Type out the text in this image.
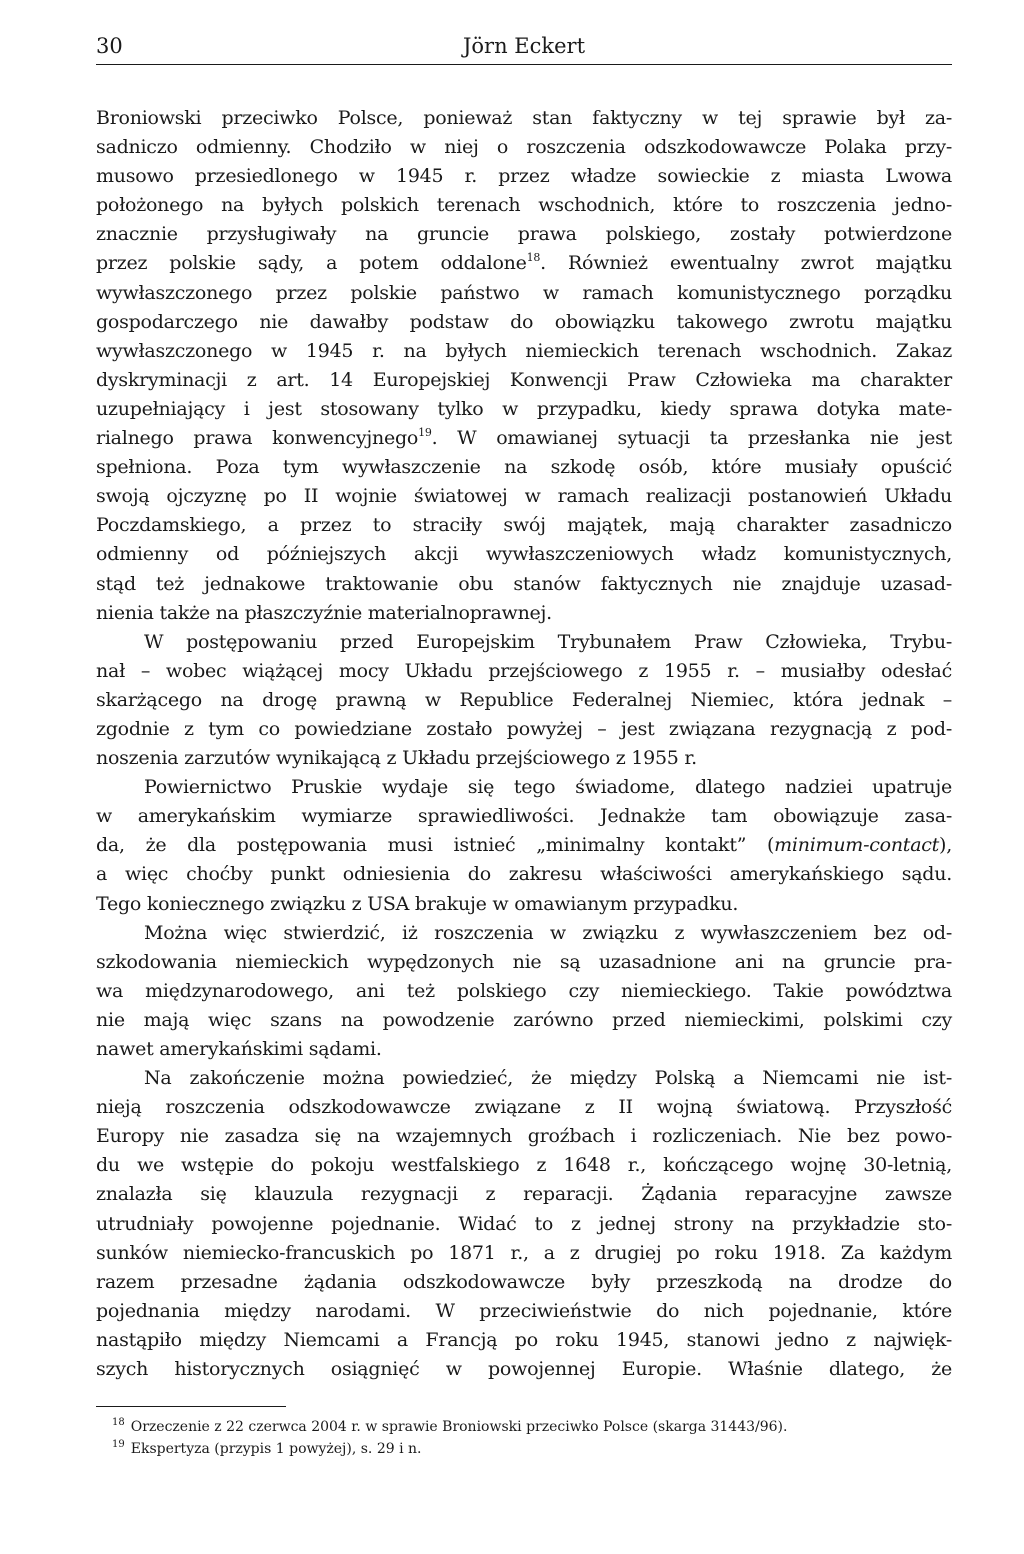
30	Jörn Eckert
Broniowski przeciwko Polsce, ponieważ stan faktyczny w tej sprawie był za-
sadniczo odmienny. Chodziło w niej o roszczenia odszkodowawcze Polaka przy-
musowo przesiedlonego w 1945 r. przez władze sowieckie z miasta Lwowa
położonego na byłych polskich terenach wschodnich, które to roszczenia jedno-
znacznie przysługiwały na gruncie prawa polskiego, zostały potwierdzone
przez polskie sądy, a potem oddalone$^{18}$. Również ewentualny zwrot majątku
wywłaszczonego przez polskie państwo w ramach komunistycznego porządku
gospodarczego nie dawałby podstaw do obowiązku takowego zwrotu majątku
wywłaszczonego w 1945 r. na byłych niemieckich terenach wschodnich. Zakaz
dyskryminacji z art. 14 Europejskiej Konwencji Praw Człowieka ma charakter
uzupełniający i jest stosowany tylko w przypadku, kiedy sprawa dotyka mate-
rialnego prawa konwencyjnego$^{19}$. W omawianej sytuacji ta przesłanka nie jest
spełniona. Poza tym wywłaszczenie na szkodę osób, które musiały opuścić
swoją ojczyznę po II wojnie światowej w ramach realizacji postanowień Układu
Poczdamskiego, a przez to straciły swój majątek, mają charakter zasadniczo
odmienny od późniejszych akcji wywłaszczeniowych władz komunistycznych,
stąd też jednakowe traktowanie obu stanów faktycznych nie znajduje uzasad-
nienia także na płaszczyźnie materialnoprawnej.
W postępowaniu przed Europejskim Trybunałem Praw Człowieka, Trybu-
nał – wobec wiążącej mocy Układu przejściowego z 1955 r. – musiałby odesłać
skarżącego na drogę prawną w Republice Federalnej Niemiec, która jednak –
zgodnie z tym co powiedziane zostało powyżej – jest związana rezygnacją z pod-
noszenia zarzutów wynikającą z Układu przejściowego z 1955 r.
Powiernictwo Pruskie wydaje się tego świadome, dlatego nadziei upatruje
w amerykańskim wymiarze sprawiedliwości. Jednakże tam obowiązuje zasa-
da, że dla postępowania musi istnieć „minimalny kontakt” (minimum-contact),
a więc choćby punkt odniesienia do zakresu właściwości amerykańskiego sądu.
Tego koniecznego związku z USA brakuje w omawianym przypadku.
Można więc stwierdzić, iż roszczenia w związku z wywłaszczeniem bez od-
szkodowania niemieckich wypędzonych nie są uzasadnione ani na gruncie pra-
wa międzynarodowego, ani też polskiego czy niemieckiego. Takie powództwa
nie mają więc szans na powodzenie zarówno przed niemieckimi, polskimi czy
nawet amerykańskimi sądami.
Na zakończenie można powiedzieć, że między Polską a Niemcami nie ist-
nieją roszczenia odszkodowawcze związane z II wojną światową. Przyszłość
Europy nie zasadza się na wzajemnych groźbach i rozliczeniach. Nie bez powo-
du we wstępie do pokoju westfalskiego z 1648 r., kończącego wojnę 30-letnią,
znalazła się klauzula rezygnacji z reparacji. Żądania reparacyjne zawsze
utrudniały powojenne pojednanie. Widać to z jednej strony na przykładzie sto-
sunków niemiecko-francuskich po 1871 r., a z drugiej po roku 1918. Za każdym
razem przesadne żądania odszkodowawcze były przeszkodą na drodze do
pojednania między narodami. W przeciwieństwie do nich pojednanie, które
nastąpiło między Niemcami a Francją po roku 1945, stanowi jedno z najwięk-
szych historycznych osiągnięć w powojennej Europie. Właśnie dlatego, że
$^{18}$ Orzeczenie z 22 czerwca 2004 r. w sprawie Broniowski przeciwko Polsce (skarga 31443/96).
$^{19}$ Ekspertyza (przypis 1 powyżej), s. 29 i n.
